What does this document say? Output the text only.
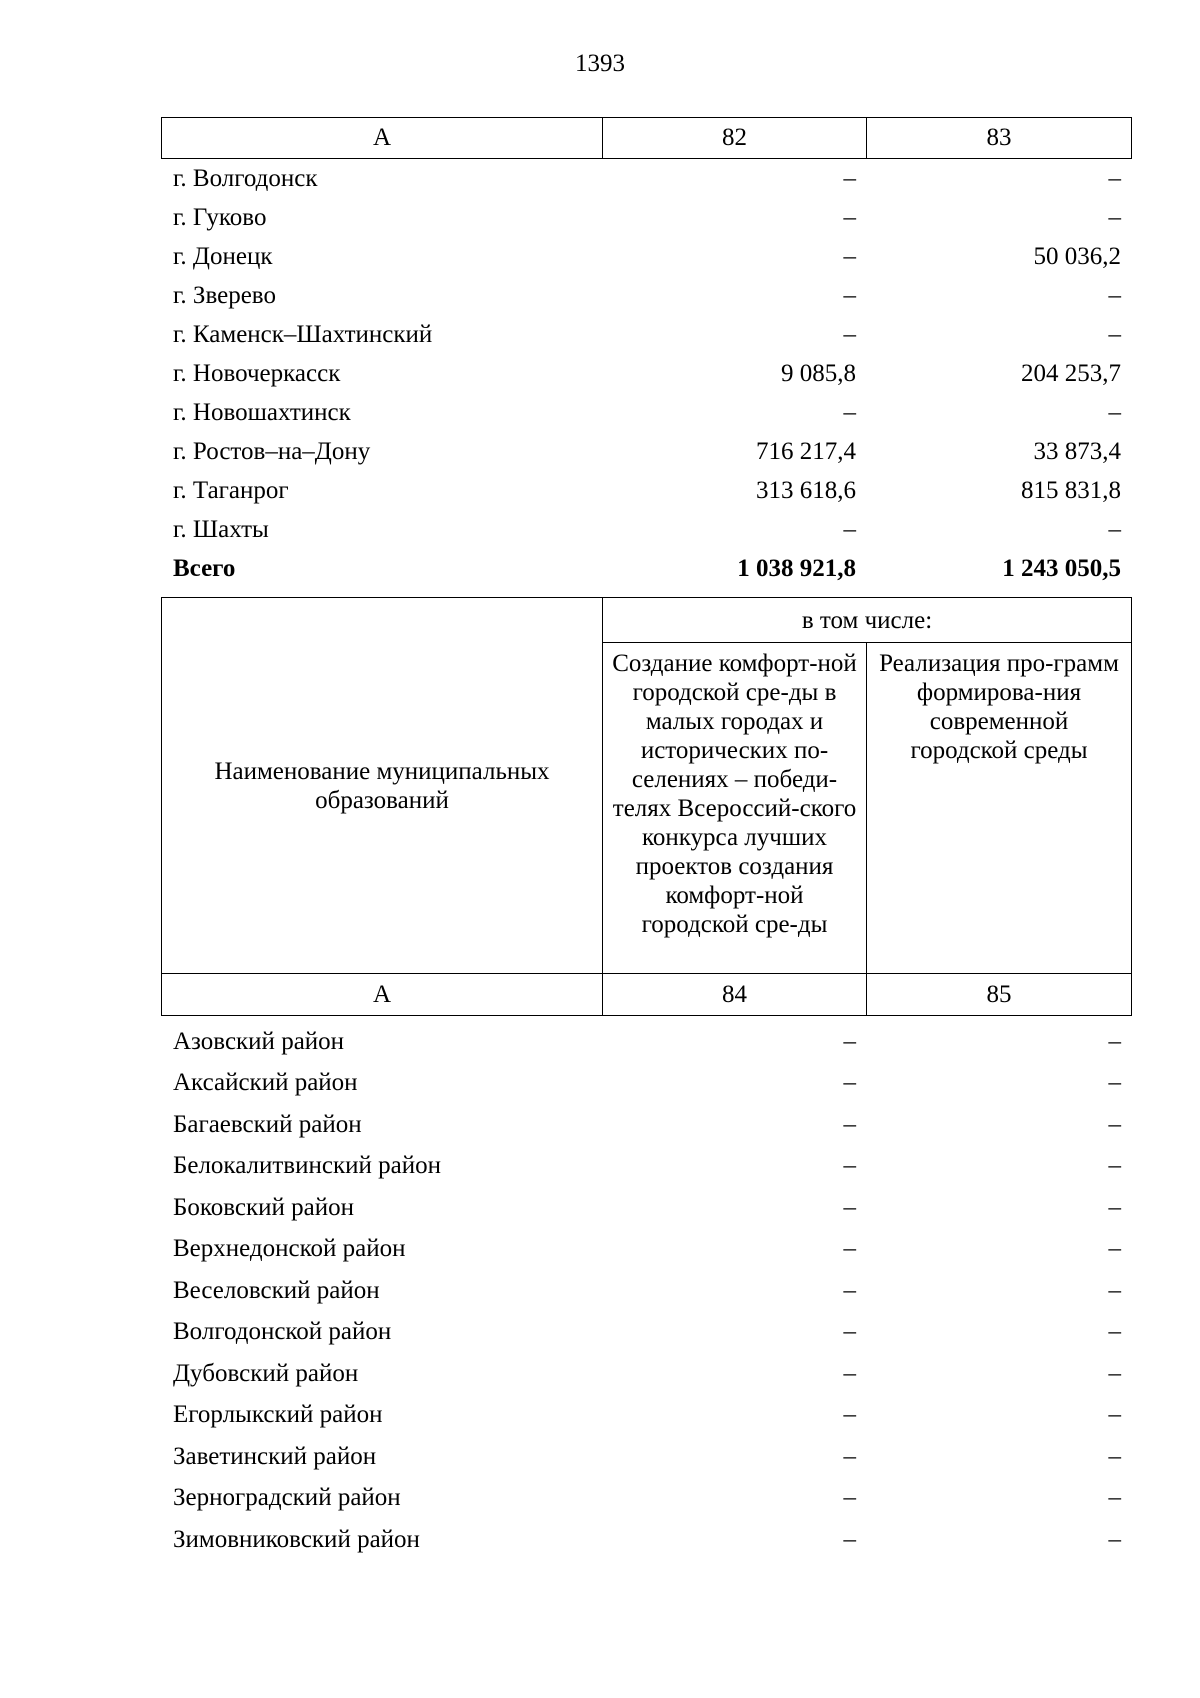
1393
А	82	83
г. Волгодонск	–	–
г. Гуково	–	–
г. Донецк	–	50 036,2
г. Зверево	–	–
г. Каменск–Шахтинский	–	–
г. Новочеркасск	9 085,8	204 253,7
г. Новошахтинск	–	–
г. Ростов–на–Дону	716 217,4	33 873,4
г. Таганрог	313 618,6	815 831,8
г. Шахты	–	–
Всего	1 038 921,8	1 243 050,5
Наименование муниципальных образований	в том числе:	
	Создание комфорт-ной городской сре-ды в малых городах и исторических по-селениях – победи-телях Всероссий-ского конкурса лучших проектов создания комфорт-ной городской сре-ды	Реализация про-грамм формирова-ния современной городской среды
А	84	85
Азовский район	–	–
Аксайский район	–	–
Багаевский район	–	–
Белокалитвинский район	–	–
Боковский район	–	–
Верхнедонской район	–	–
Веселовский район	–	–
Волгодонской район	–	–
Дубовский район	–	–
Егорлыкский район	–	–
Заветинский район	–	–
Зерноградский район	–	–
Зимовниковский район	–	–
